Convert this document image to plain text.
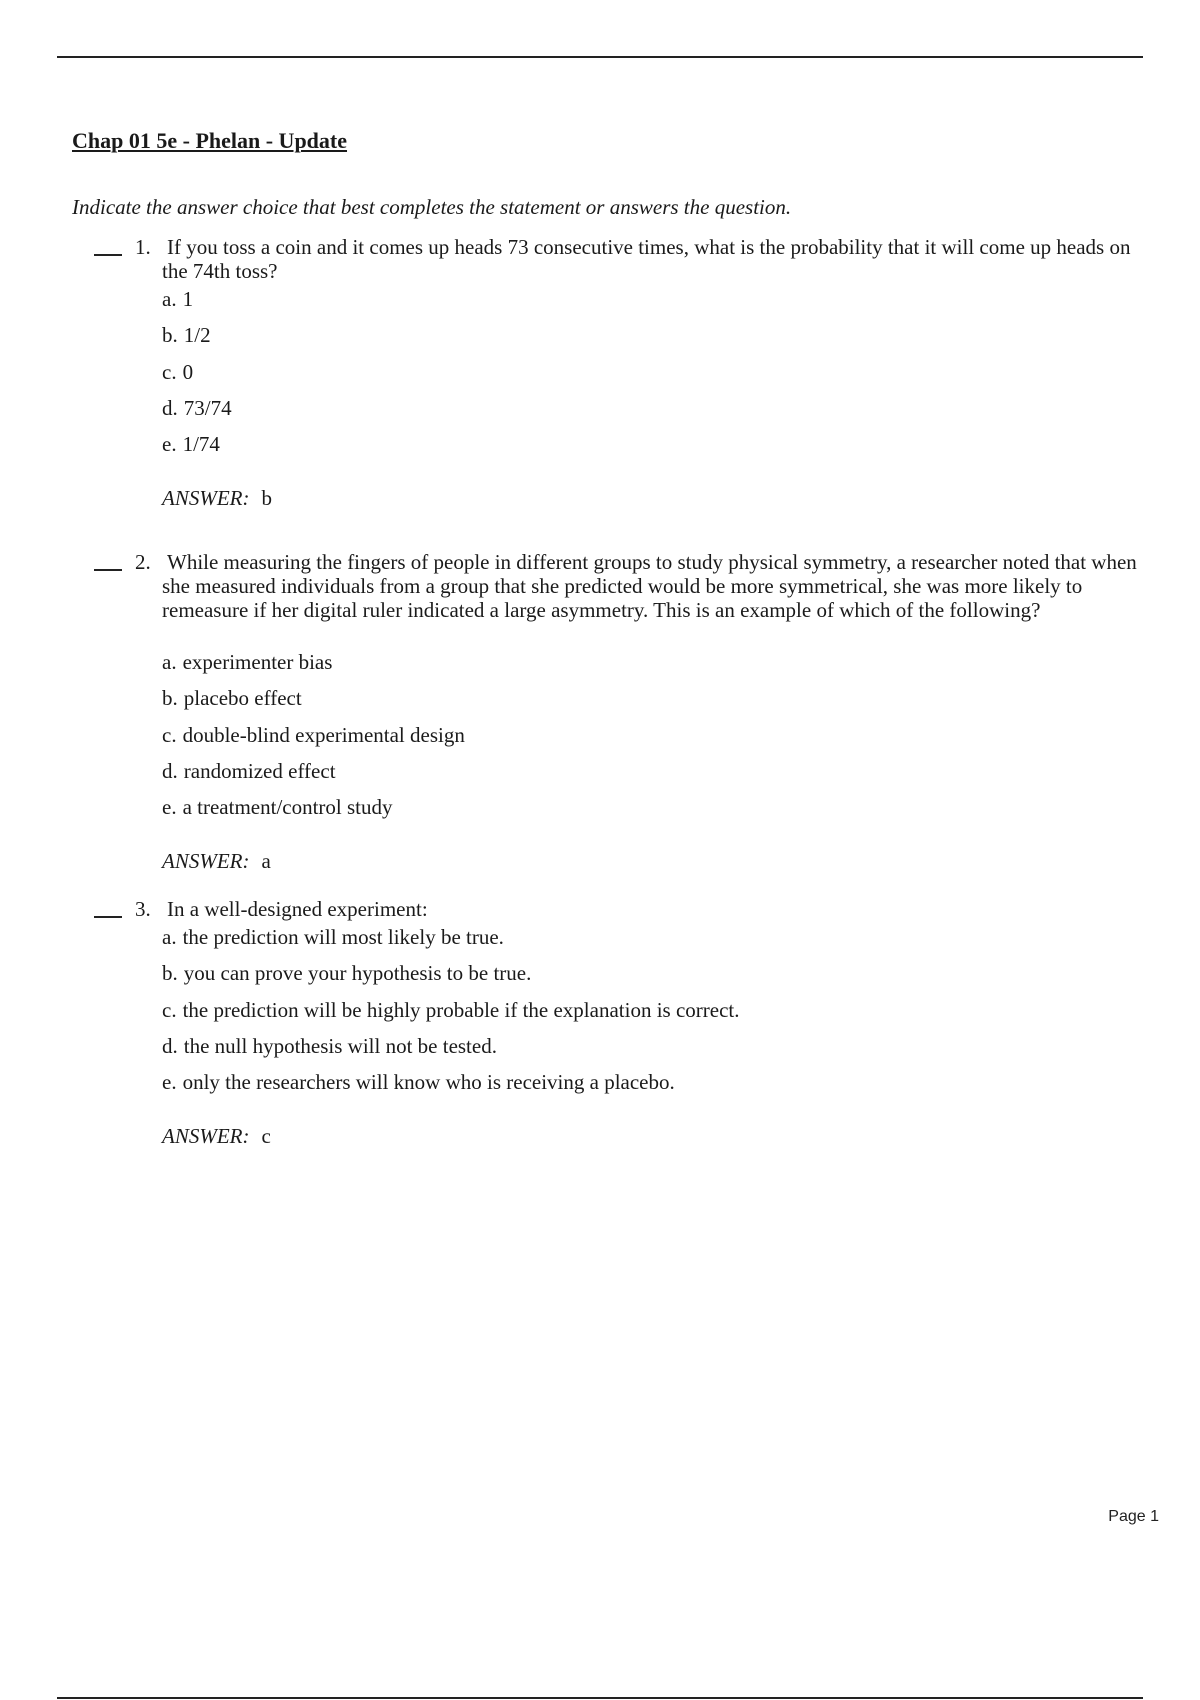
Chap 01 5e - Phelan - Update
Indicate the answer choice that best completes the statement or answers the question.
1. If you toss a coin and it comes up heads 73 consecutive times, what is the probability that it will come up heads on the 74th toss?
a. 1
b. 1/2
c. 0
d. 73/74
e. 1/74
ANSWER: b
2. While measuring the fingers of people in different groups to study physical symmetry, a researcher noted that when she measured individuals from a group that she predicted would be more symmetrical, she was more likely to remeasure if her digital ruler indicated a large asymmetry. This is an example of which of the following?
a. experimenter bias
b. placebo effect
c. double-blind experimental design
d. randomized effect
e. a treatment/control study
ANSWER: a
3. In a well-designed experiment:
a. the prediction will most likely be true.
b. you can prove your hypothesis to be true.
c. the prediction will be highly probable if the explanation is correct.
d. the null hypothesis will not be tested.
e. only the researchers will know who is receiving a placebo.
ANSWER: c
Page 1
